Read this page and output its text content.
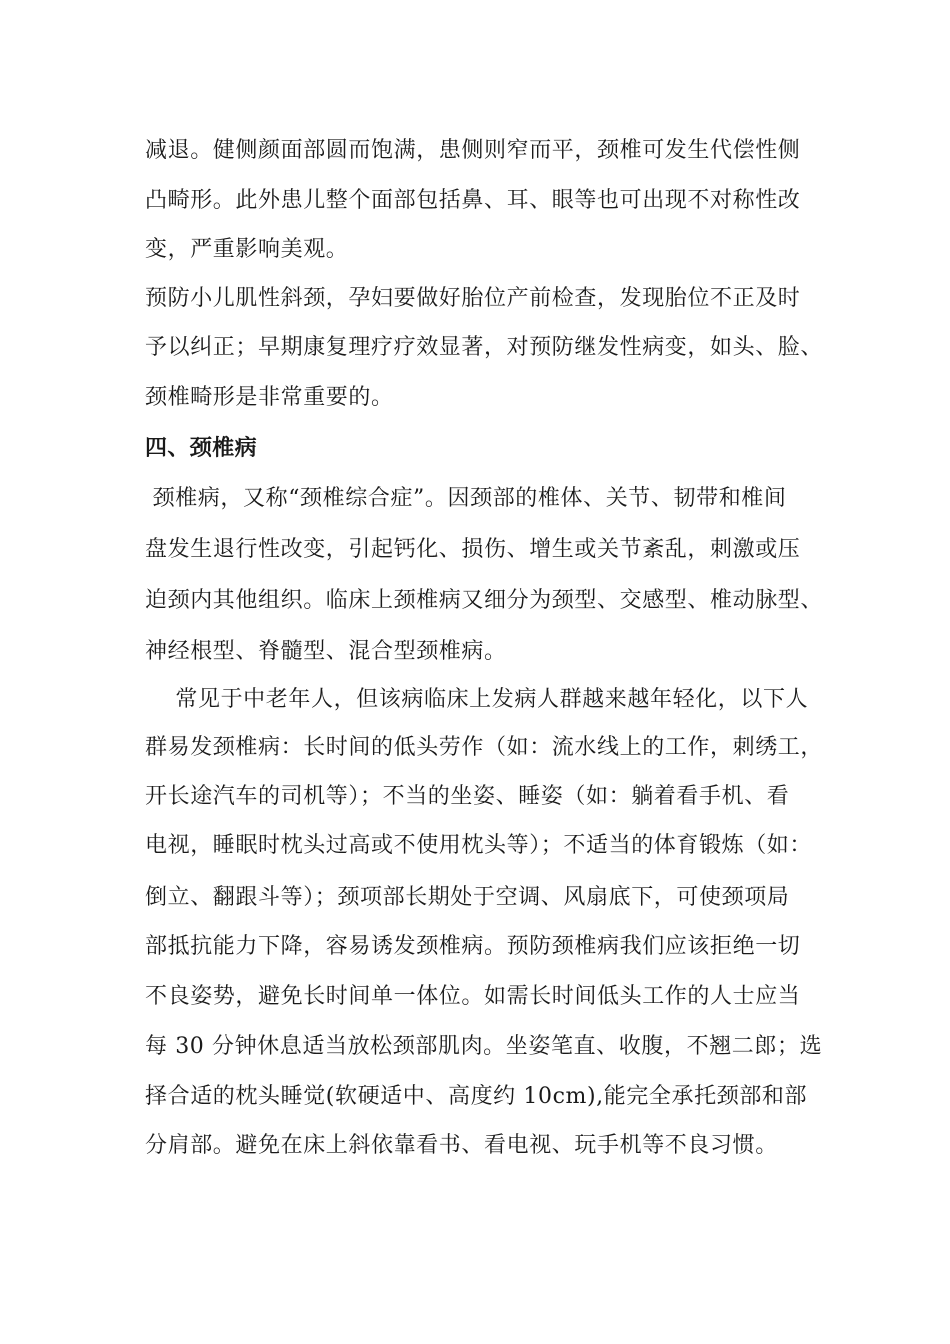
减退。健侧颜面部圆而饱满，患侧则窄而平，颈椎可发生代偿性侧
凸畸形。此外患儿整个面部包括鼻、耳、眼等也可出现不对称性改
变，严重影响美观。
预防小儿肌性斜颈，孕妇要做好胎位产前检查，发现胎位不正及时
予以纠正；早期康复理疗疗效显著，对预防继发性病变，如头、脸、
颈椎畸形是非常重要的。
四、颈椎病
颈椎病，又称“颈椎综合症”。因颈部的椎体、关节、韧带和椎间
盘发生退行性改变，引起钙化、损伤、增生或关节紊乱，刺激或压
迫颈内其他组织。临床上颈椎病又细分为颈型、交感型、椎动脉型、
神经根型、脊髓型、混合型颈椎病。
常见于中老年人，但该病临床上发病人群越来越年轻化，以下人
群易发颈椎病：长时间的低头劳作（如：流水线上的工作，刺绣工，
开长途汽车的司机等）；不当的坐姿、睡姿（如：躺着看手机、看
电视，睡眠时枕头过高或不使用枕头等）；不适当的体育锻炼（如：
倒立、翻跟斗等）；颈项部长期处于空调、风扇底下，可使颈项局
部抵抗能力下降，容易诱发颈椎病。预防颈椎病我们应该拒绝一切
不良姿势，避免长时间单一体位。如需长时间低头工作的人士应当
每 30 分钟休息适当放松颈部肌肉。坐姿笔直、收腹，不翘二郎；选
择合适的枕头睡觉(软硬适中、高度约 10cm),能完全承托颈部和部
分肩部。避免在床上斜依靠看书、看电视、玩手机等不良习惯。
